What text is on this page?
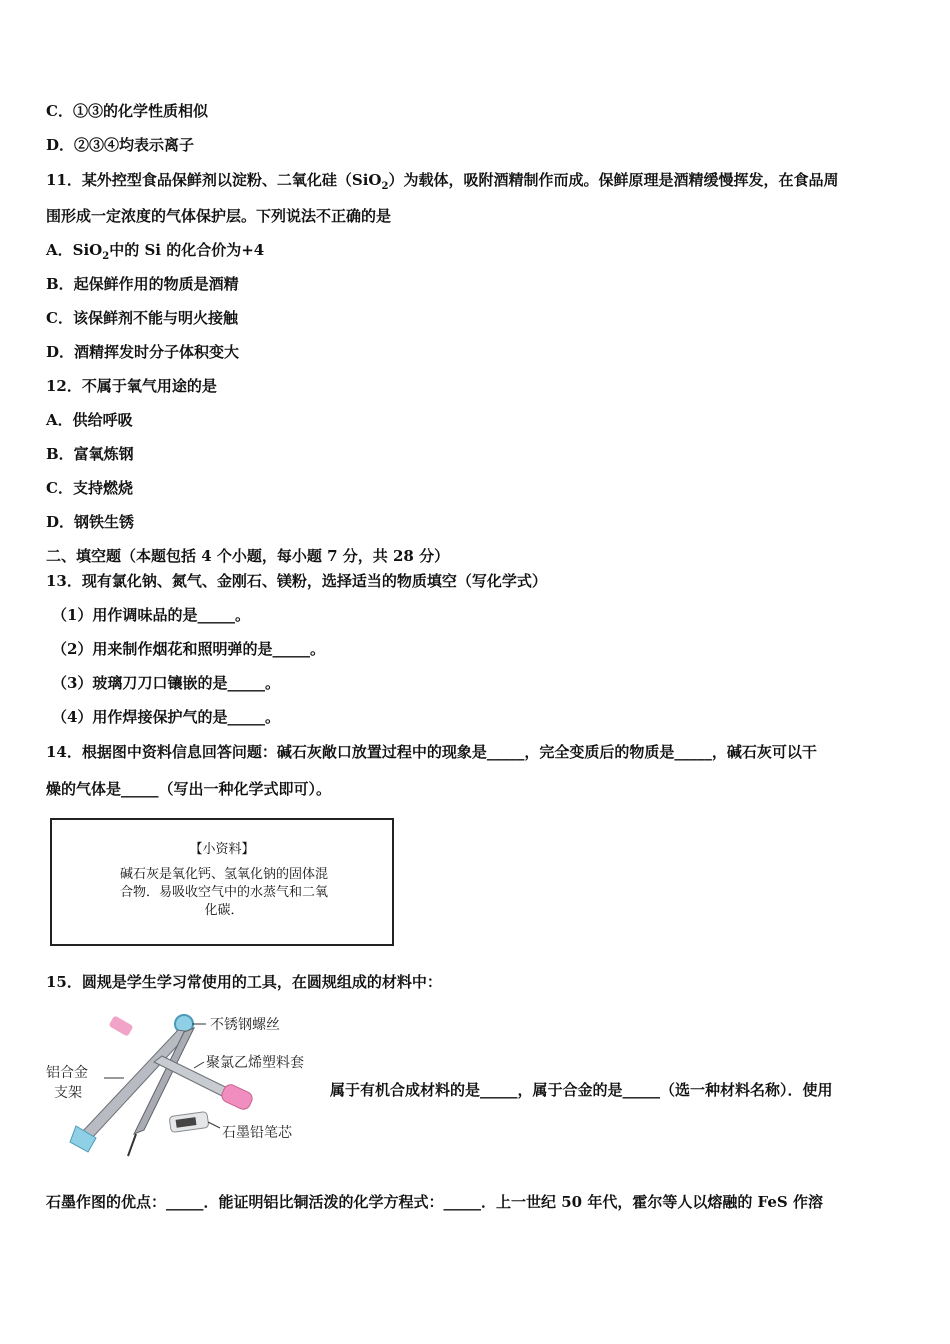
C．①③的化学性质相似
D．②③④均表示离子
11．某外控型食品保鲜剂以淀粉、二氧化硅（SiO$_2$）为载体，吸附酒精制作而成。保鲜原理是酒精缓慢挥发，在食品周
围形成一定浓度的气体保护层。下列说法不正确的是
A．SiO$_2$中的 Si 的化合价为+4
B．起保鲜作用的物质是酒精
C．该保鲜剂不能与明火接触
D．酒精挥发时分子体积变大
12．不属于氧气用途的是
A．供给呼吸
B．富氧炼钢
C．支持燃烧
D．钢铁生锈
二、填空题（本题包括 4 个小题，每小题 7 分，共 28 分）
13．现有氯化钠、氮气、金刚石、镁粉，选择适当的物质填空（写化学式）
（1）用作调味品的是_____。
（2）用来制作烟花和照明弹的是_____。
（3）玻璃刀刀口镶嵌的是_____。
（4）用作焊接保护气的是_____。
14．根据图中资料信息回答问题：碱石灰敞口放置过程中的现象是_____，完全变质后的物质是_____，碱石灰可以干
燥的气体是_____（写出一种化学式即可）。
【小资料】
碱石灰是氧化钙、氢氧化钠的固体混
合物．易吸收空气中的水蒸气和二氧
化碳．
15．圆规是学生学习常使用的工具，在圆规组成的材料中：
不锈钢螺丝
聚氯乙烯塑料套
铝合金
支架
石墨铅笔芯
属于有机合成材料的是_____，属于合金的是_____（选一种材料名称）．使用
石墨作图的优点：_____．能证明铝比铜活泼的化学方程式：_____．上一世纪 50 年代，霍尔等人以熔融的 FeS 作溶
